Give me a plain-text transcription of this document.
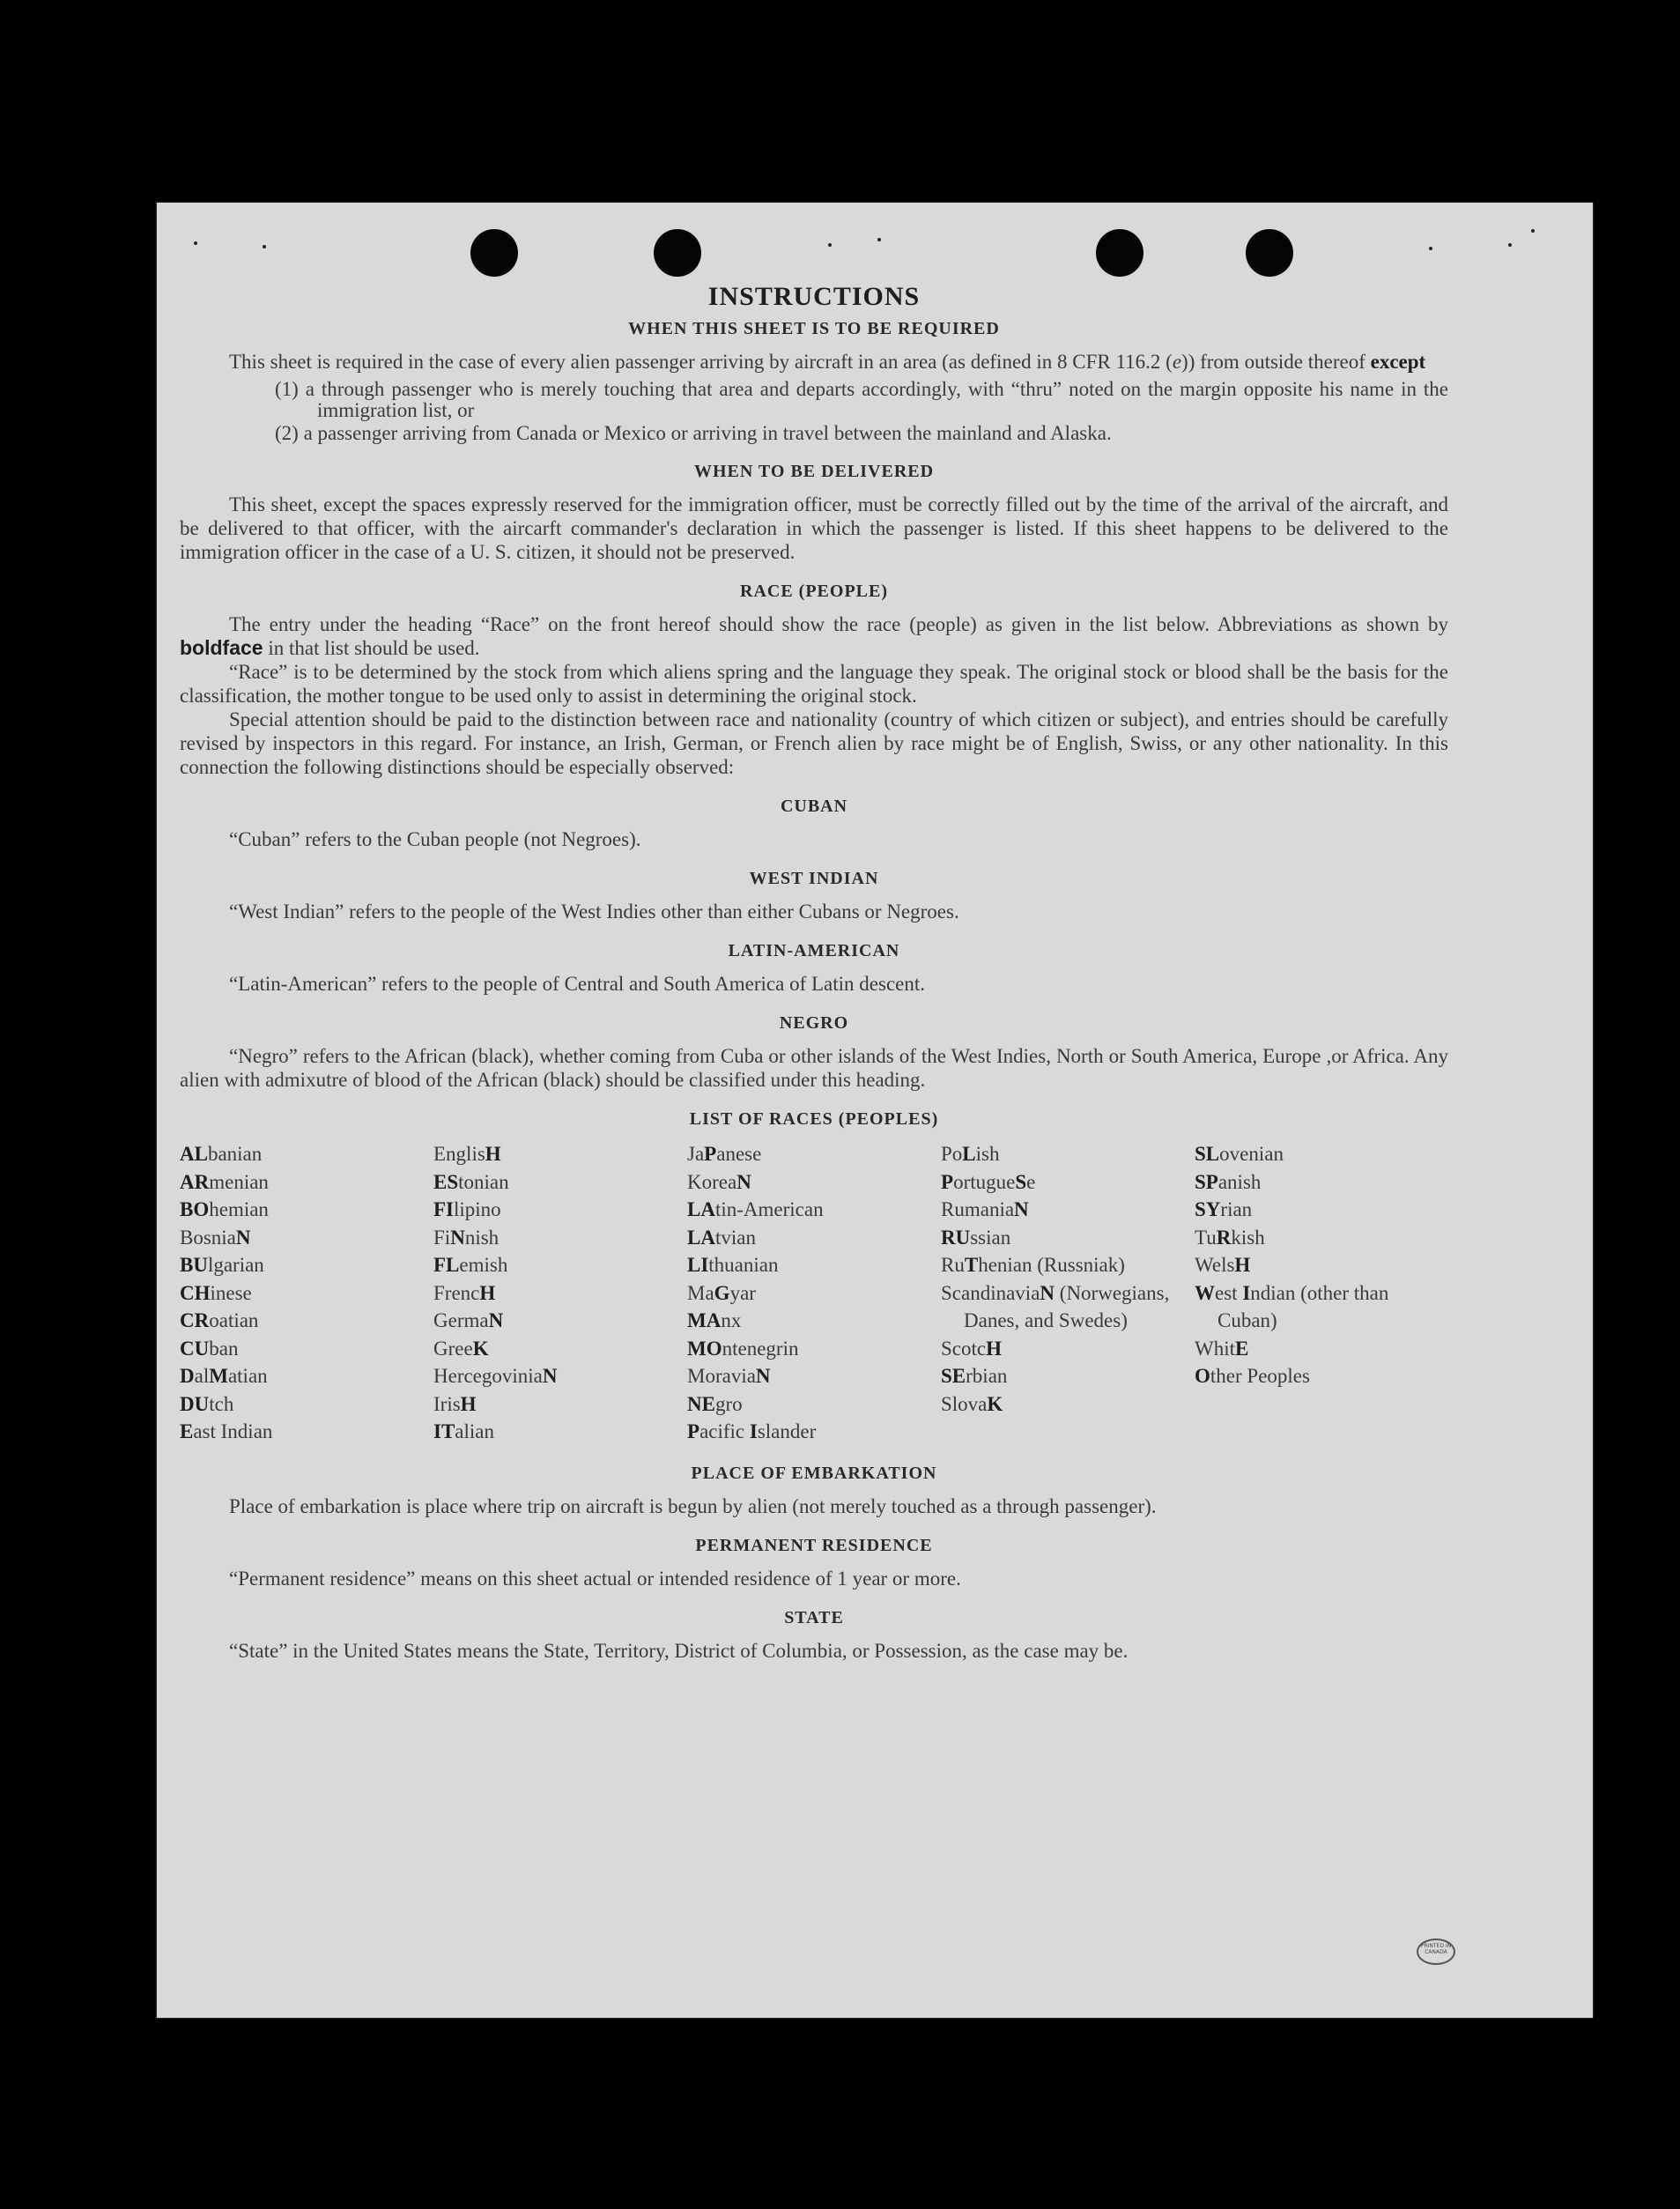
INSTRUCTIONS
WHEN THIS SHEET IS TO BE REQUIRED

This sheet is required in the case of every alien passenger arriving by aircraft in an area (as defined in 8 CFR 116.2 (e)) from outside thereof except

(1) a through passenger who is merely touching that area and departs accordingly, with “thru” noted on the margin opposite his name in the immigration list, or
(2) a passenger arriving from Canada or Mexico or arriving in travel between the mainland and Alaska.
WHEN TO BE DELIVERED

This sheet, except the spaces expressly reserved for the immigration officer, must be correctly filled out by the time of the arrival of the aircraft, and be delivered to that officer, with the aircarft commander's declaration in which the passenger is listed. If this sheet happens to be delivered to the immigration officer in the case of a U. S. citizen, it should not be preserved.

RACE (PEOPLE)

The entry under the heading “Race” on the front hereof should show the race (people) as given in the list below. Abbreviations as shown by boldface in that list should be used.

“Race” is to be determined by the stock from which aliens spring and the language they speak. The original stock or blood shall be the basis for the classification, the mother tongue to be used only to assist in determining the original stock.

Special attention should be paid to the distinction between race and nationality (country of which citizen or subject), and entries should be carefully revised by inspectors in this regard. For instance, an Irish, German, or French alien by race might be of English, Swiss, or any other nationality. In this connection the following distinctions should be especially observed:

CUBAN

“Cuban” refers to the Cuban people (not Negroes).

WEST INDIAN

“West Indian” refers to the people of the West Indies other than either Cubans or Negroes.

LATIN-AMERICAN

“Latin-American” refers to the people of Central and South America of Latin descent.

NEGRO

“Negro” refers to the African (black), whether coming from Cuba or other islands of the West Indies, North or South America, Europe ,or Africa. Any alien with admixutre of blood of the African (black) should be classified under this heading.

LIST OF RACES (PEOPLES)
ALbanian
ARmenian
BOhemian
BosniaN
BUlgarian
CHinese
CRoatian
CUban
DalMatian
DUtch
East Indian
EnglisH
EStonian
FIlipino
FiNnish
FLemish
FrencH
GermaN
GreeK
HercegoviniaN
IrisH
ITalian
JaPanese
KoreaN
LAtin-American
LAtvian
LIthuanian
MaGyar
MAnx
MOntenegrin
MoraviaN
NEgro
Pacific Islander
PoLish
PortugueSe
RumaniaN
RUssian
RuThenian (Russniak)
ScandinaviaN (Norwegians, Danes, and Swedes)
ScotcH
SErbian
SlovaK
SLovenian
SPanish
SYrian
TuRkish
WelsH
West Indian (other than Cuban)
WhitE
Other Peoples
PLACE OF EMBARKATION

Place of embarkation is place where trip on aircraft is begun by alien (not merely touched as a through passenger).

PERMANENT RESIDENCE

“Permanent residence” means on this sheet actual or intended residence of 1 year or more.

STATE

“State” in the United States means the State, Territory, District of Columbia, or Possession, as the case may be.

PRINTED IN CANADA
